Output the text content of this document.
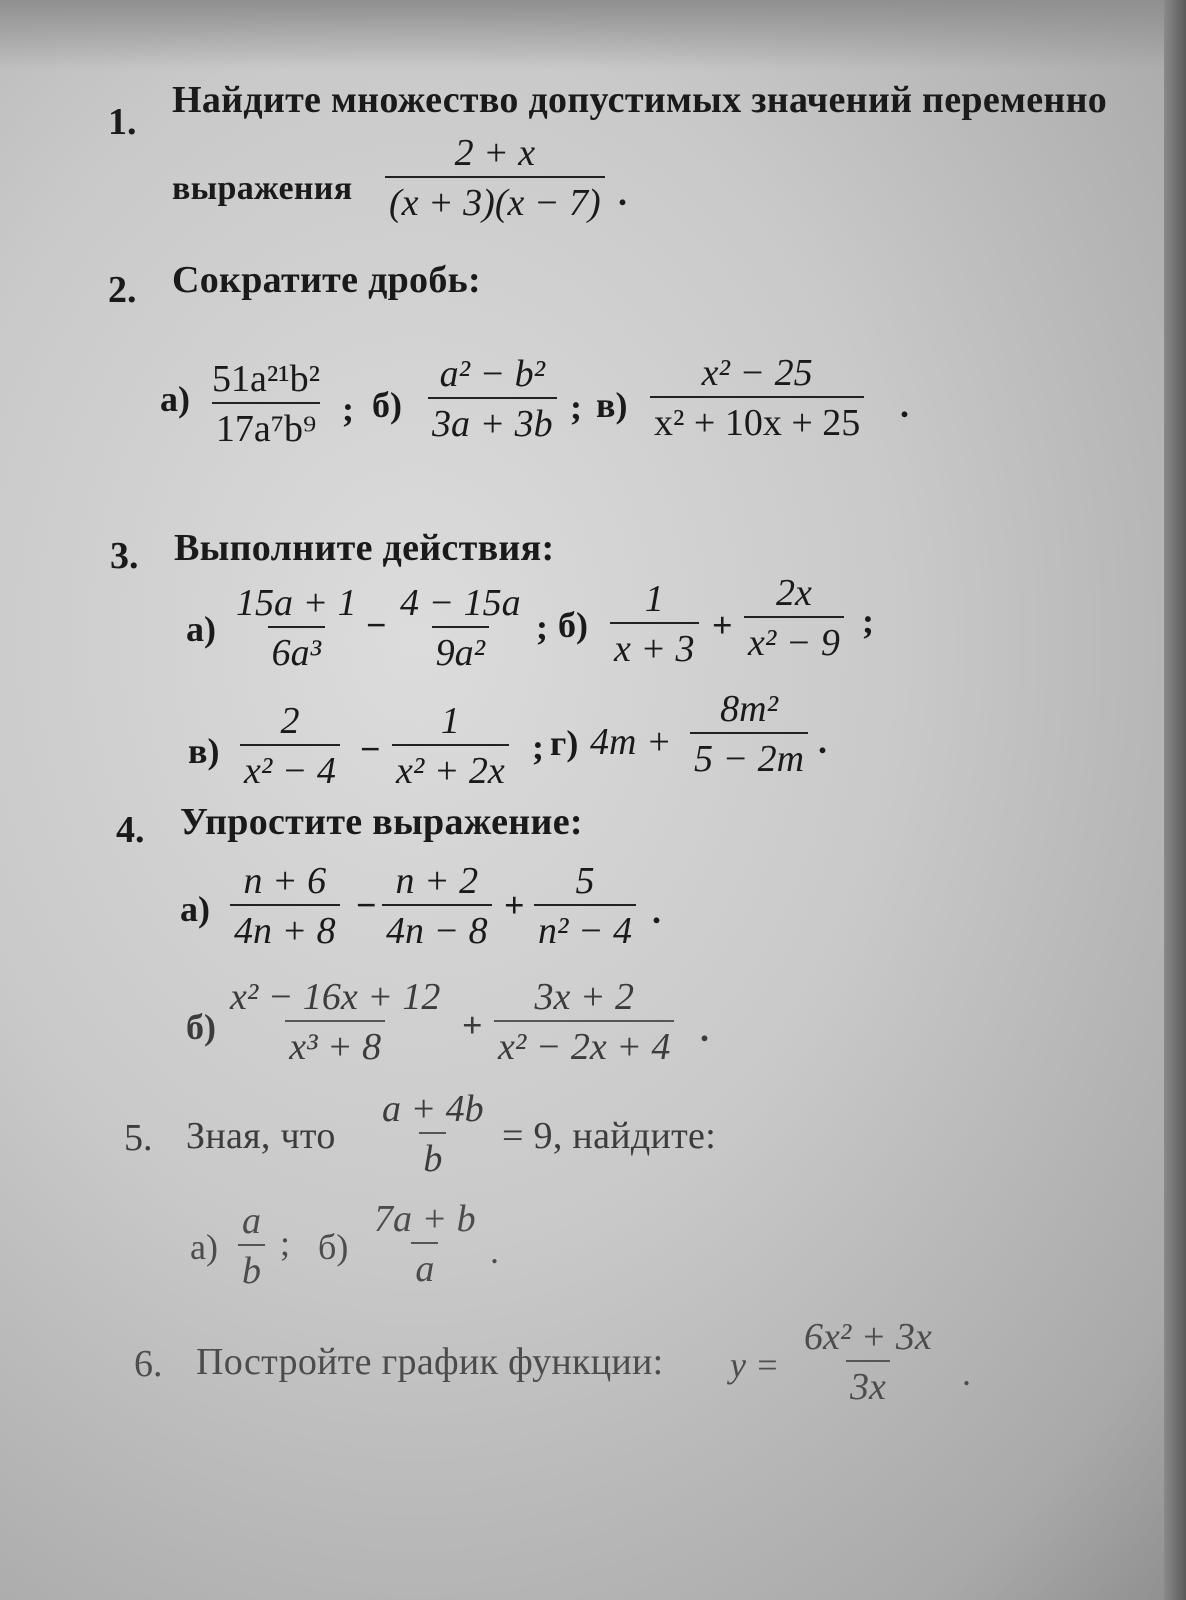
1.
Найдите множество допустимых значений переменно
выражения $\frac{2 + x}{(x + 3)(x - 7)}$ .
2. Сократите дробь:
$а) \frac{\text{51a²¹b²}}{\text{17a⁷b⁹}}$ ; $б) \frac{\text{a² − b²}}{3a + 3b}$ ; $в) \frac{\text{x² − 25}}{\text{x² + 10x + 25}}$ .
3. Выполните действия:
$а) \frac{15a + 1}{\text{6a³}} - \frac{4 - 15a}{\text{9a²}}$ ; $б) \frac{1}{x + 3} + \frac{2x}{\text{x² − 9}}$ ;
$в) \frac{2}{\text{x² − 4}} - \frac{1}{\text{x² + 2x}}$ ; г) $4m + \frac{\text{8m²}}{5 - 2m}$ .
4. Упростите выражение:
$а) \frac{n + 6}{4n + 8} - \frac{n + 2}{4n - 8} + \frac{5}{\text{n² − 4}}$ .
$б) \frac{\text{x² − 16x + 12}}{\text{x³ + 8}} + \frac{3x + 2}{\text{x² − 2x + 4}}$ .
5. Зная, что $\frac{a + 4b}{b} = 9$, найдите:
$а) \frac{a}{b}$ ; $б) \frac{7a + b}{a}$ .
6. Постройте график функции: $y = \frac{\text{6x² + 3x}}{3x}$ .
